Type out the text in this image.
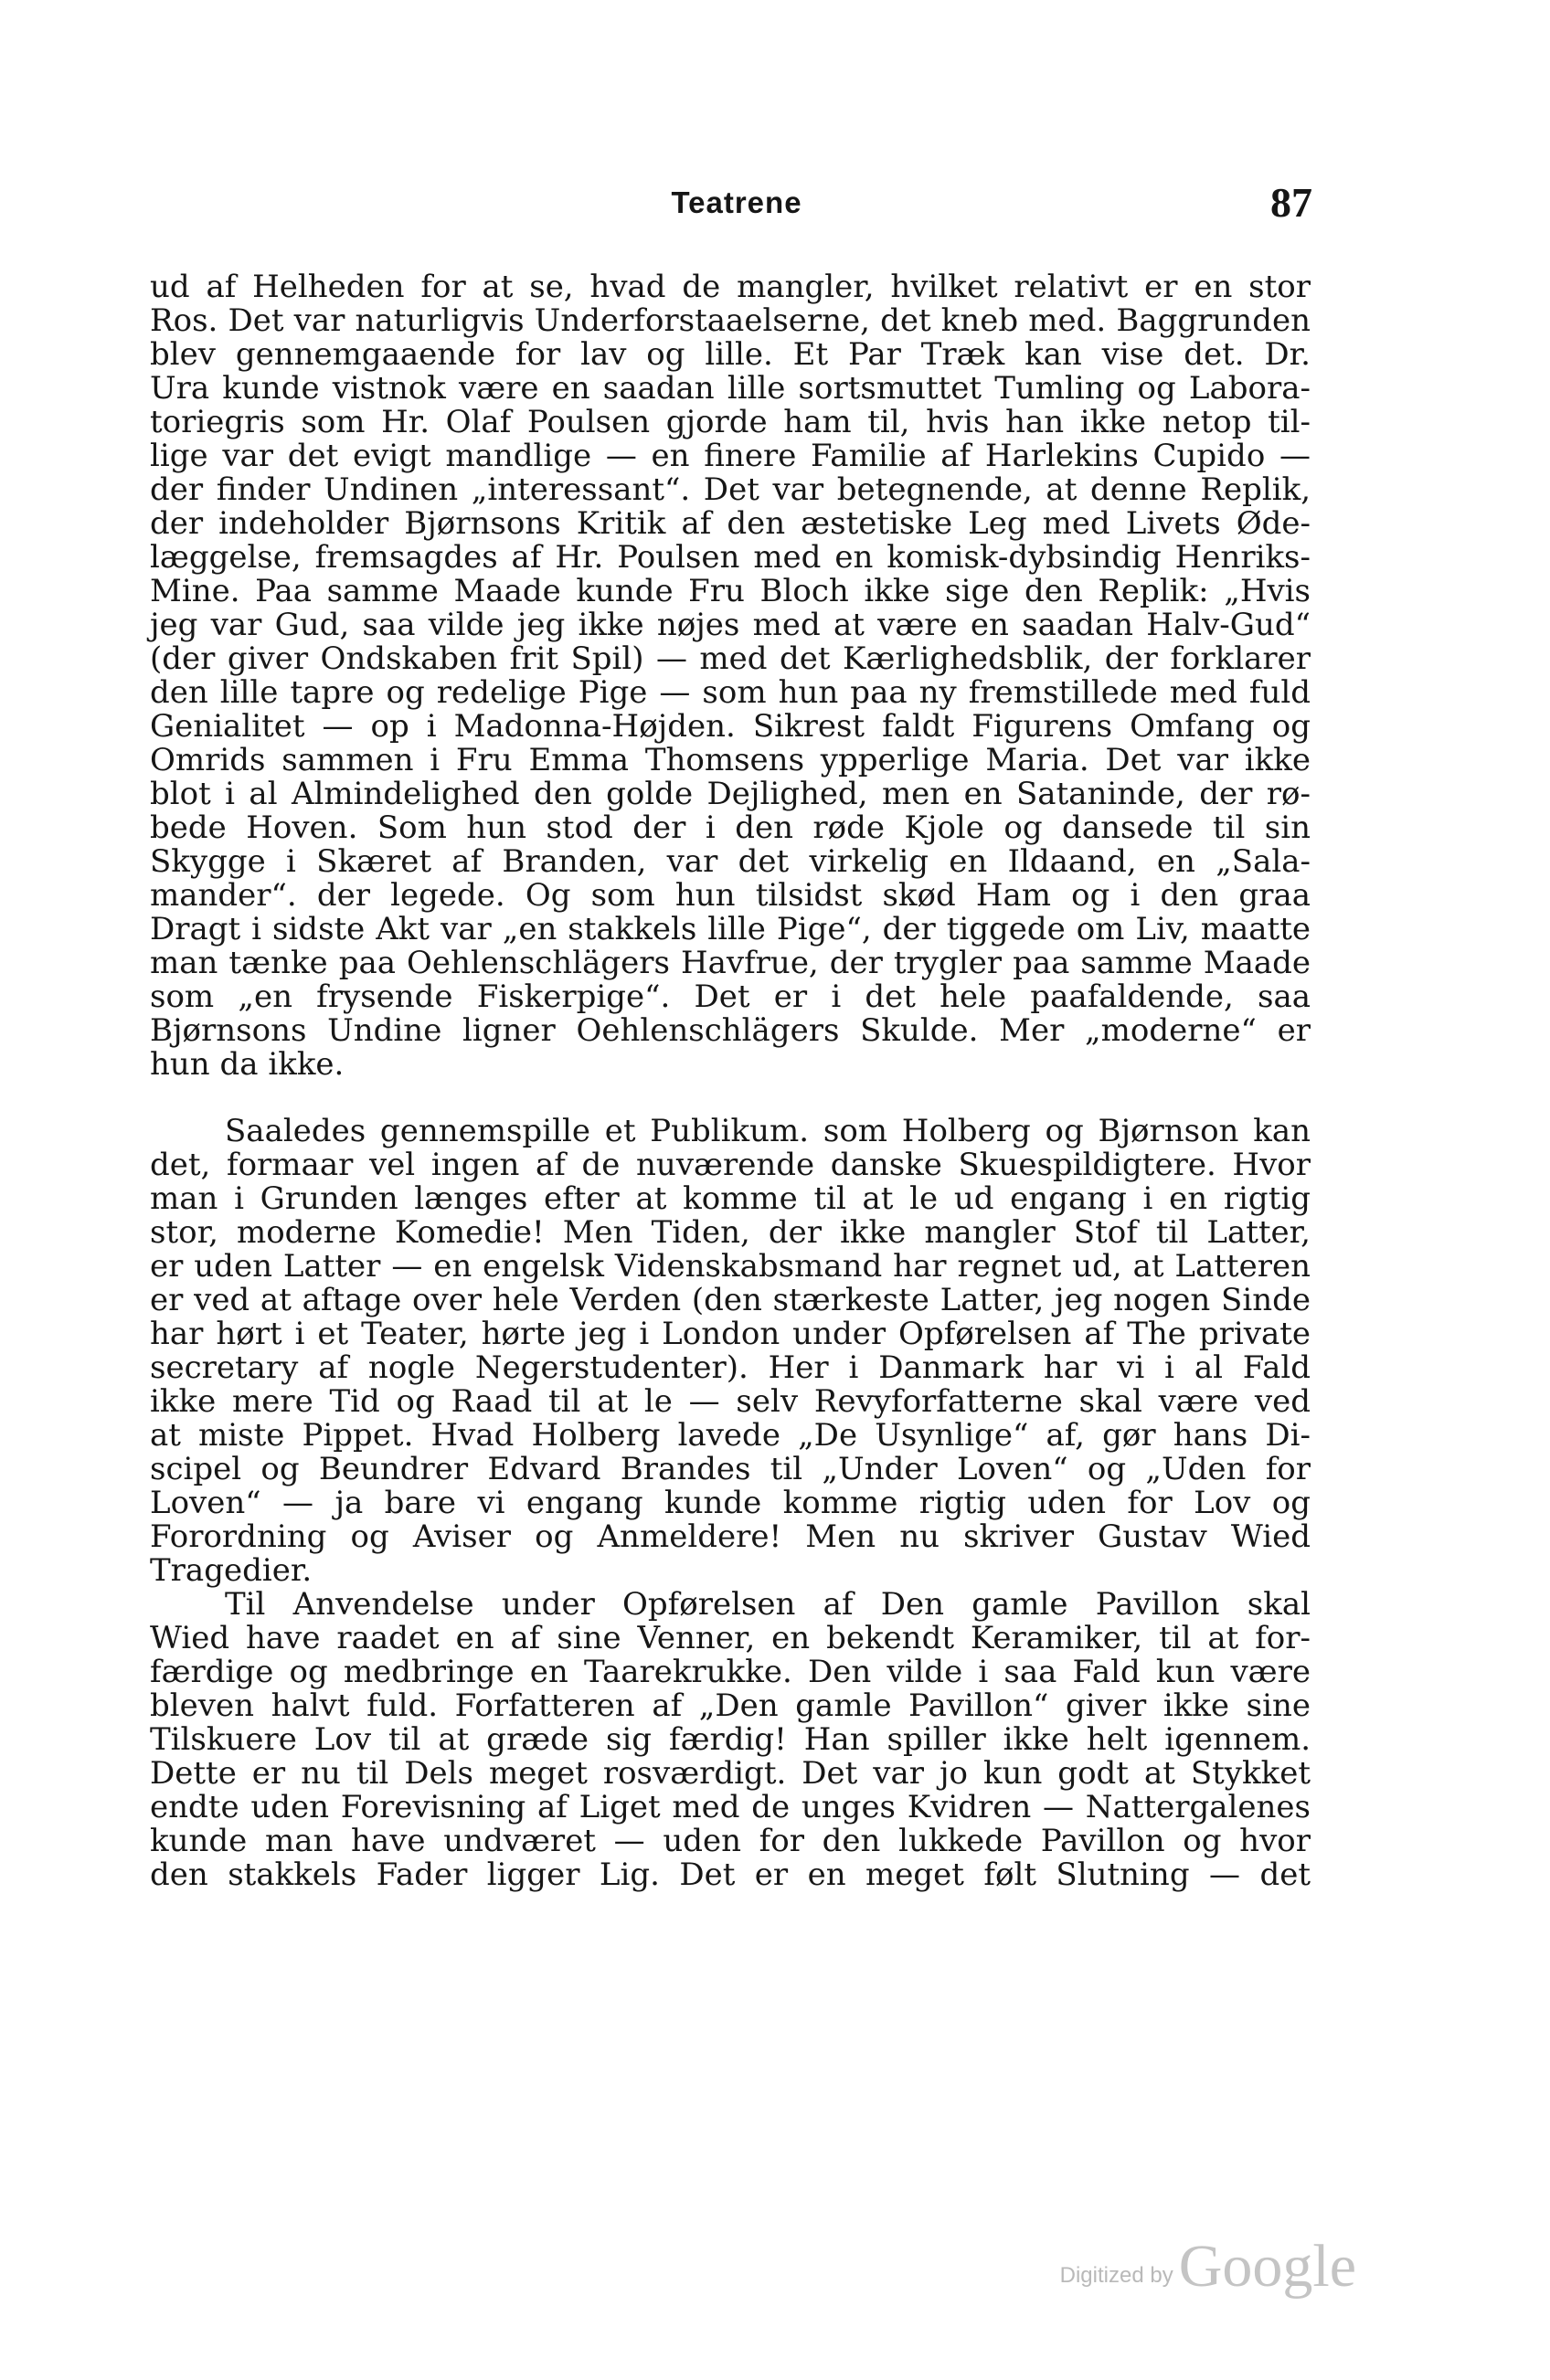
Teatrene	87
ud af Helheden for at se, hvad de mangler, hvilket relativt er en stor
Ros. Det var naturligvis Underforstaaelserne, det kneb med. Baggrunden
blev gennemgaaende for lav og lille. Et Par Træk kan vise det. Dr.
Ura kunde vistnok være en saadan lille sortsmuttet Tumling og Labora-
toriegris som Hr. Olaf Poulsen gjorde ham til, hvis han ikke netop til-
lige var det evigt mandlige — en finere Familie af Harlekins Cupido —
der finder Undinen „interessant“. Det var betegnende, at denne Replik,
der indeholder Bjørnsons Kritik af den æstetiske Leg med Livets Øde-
læggelse, fremsagdes af Hr. Poulsen med en komisk-dybsindig Henriks-
Mine. Paa samme Maade kunde Fru Bloch ikke sige den Replik: „Hvis
jeg var Gud, saa vilde jeg ikke nøjes med at være en saadan Halv-Gud“
(der giver Ondskaben frit Spil) — med det Kærlighedsblik, der forklarer
den lille tapre og redelige Pige — som hun paa ny fremstillede med fuld
Genialitet — op i Madonna-Højden. Sikrest faldt Figurens Omfang og
Omrids sammen i Fru Emma Thomsens ypperlige Maria. Det var ikke
blot i al Almindelighed den golde Dejlighed, men en Sataninde, der rø-
bede Hoven. Som hun stod der i den røde Kjole og dansede til sin
Skygge i Skæret af Branden, var det virkelig en Ildaand, en „Sala-
mander“. der legede. Og som hun tilsidst skød Ham og i den graa
Dragt i sidste Akt var „en stakkels lille Pige“, der tiggede om Liv, maatte
man tænke paa Oehlenschlägers Havfrue, der trygler paa samme Maade
som „en frysende Fiskerpige“. Det er i det hele paafaldende, saa
Bjørnsons Undine ligner Oehlenschlägers Skulde. Mer „moderne“ er
hun da ikke.
Saaledes gennemspille et Publikum. som Holberg og Bjørnson kan
det, formaar vel ingen af de nuværende danske Skuespildigtere. Hvor
man i Grunden længes efter at komme til at le ud engang i en rigtig
stor, moderne Komedie! Men Tiden, der ikke mangler Stof til Latter,
er uden Latter — en engelsk Videnskabsmand har regnet ud, at Latteren
er ved at aftage over hele Verden (den stærkeste Latter, jeg nogen Sinde
har hørt i et Teater, hørte jeg i London under Opførelsen af The private
secretary af nogle Negerstudenter). Her i Danmark har vi i al Fald
ikke mere Tid og Raad til at le — selv Revyforfatterne skal være ved
at miste Pippet. Hvad Holberg lavede „De Usynlige“ af, gør hans Di-
scipel og Beundrer Edvard Brandes til „Under Loven“ og „Uden for
Loven“ — ja bare vi engang kunde komme rigtig uden for Lov og
Forordning og Aviser og Anmeldere! Men nu skriver Gustav Wied
Tragedier.
Til Anvendelse under Opførelsen af Den gamle Pavillon skal
Wied have raadet en af sine Venner, en bekendt Keramiker, til at for-
færdige og medbringe en Taarekrukke. Den vilde i saa Fald kun være
bleven halvt fuld. Forfatteren af „Den gamle Pavillon“ giver ikke sine
Tilskuere Lov til at græde sig færdig! Han spiller ikke helt igennem.
Dette er nu til Dels meget rosværdigt. Det var jo kun godt at Stykket
endte uden Forevisning af Liget med de unges Kvidren — Nattergalenes
kunde man have undværet — uden for den lukkede Pavillon og hvor
den stakkels Fader ligger Lig. Det er en meget følt Slutning — det
Digitized by Google
